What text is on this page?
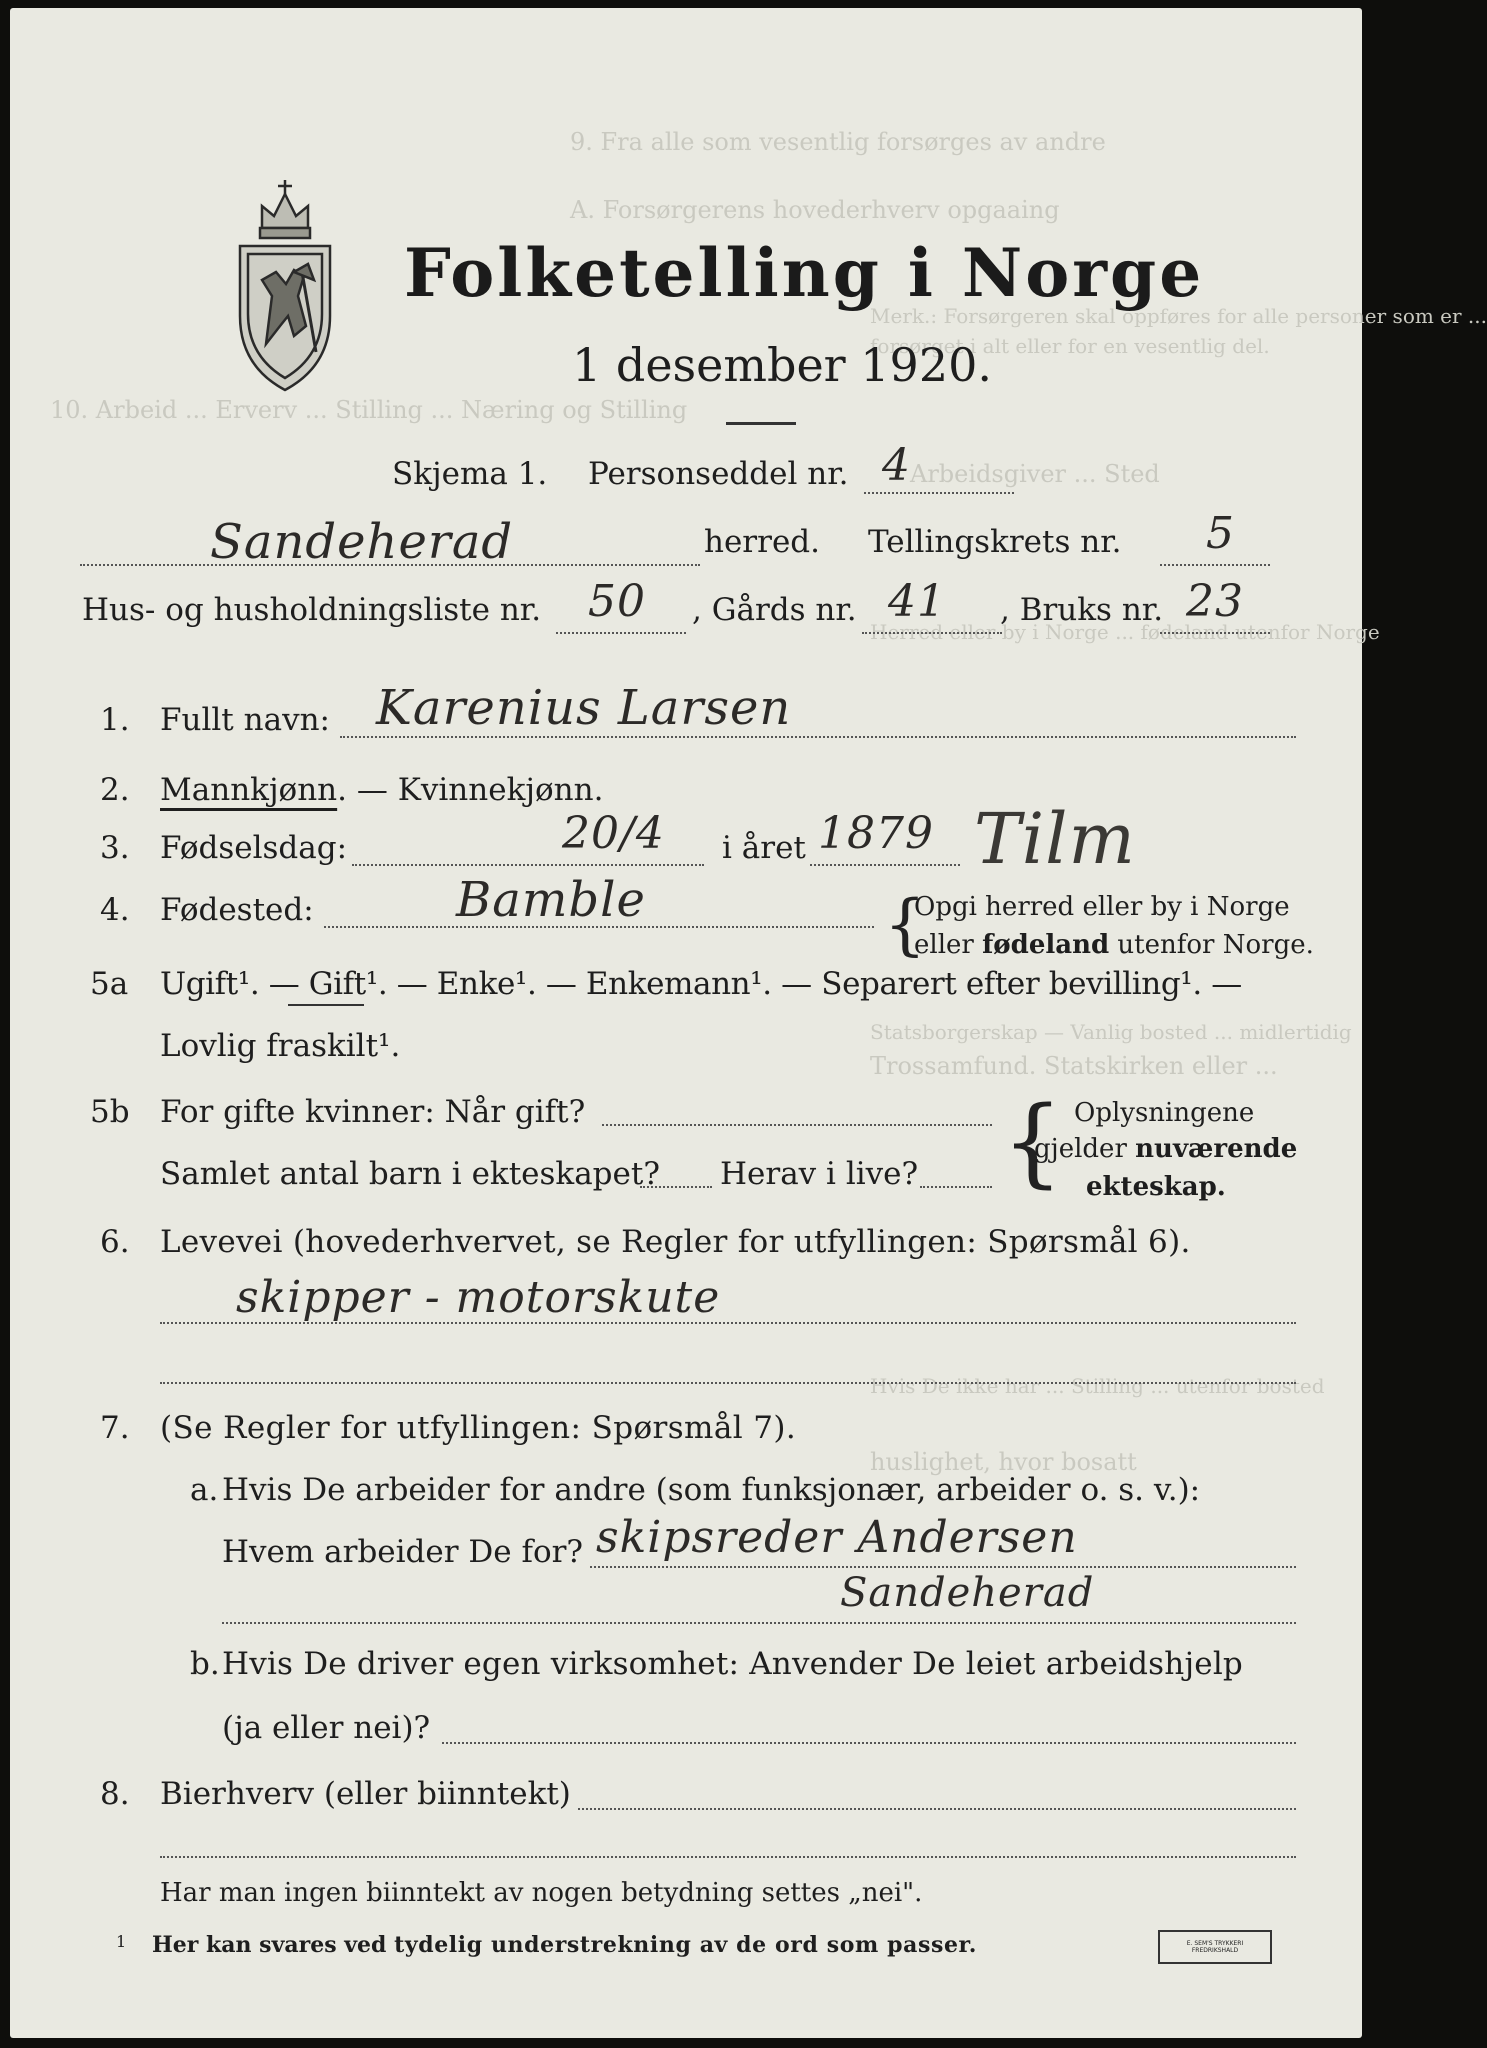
9. Fra alle som vesentlig forsørges av andre
A. Forsørgerens hovederhverv opgaaing
Merk.: Forsørgeren skal oppføres for alle personer som er ...
forsørget i alt eller for en vesentlig del.
10. Arbeid ... Erverv ... Stilling ... Næring og Stilling
Arbeidsgiver ... Sted
Herred eller by i Norge ... fødeland utenfor Norge
Statsborgerskap — Vanlig bosted ... midlertidig
Trossamfund. Statskirken eller ...
Hvis De ikke har ... Stilling ... utenfor bosted
huslighet, hvor bosatt
Folketelling i Norge
1 desember 1920.
Skjema 1. Personseddel nr. 4
Sandeherad	herred. Tellingskrets nr. 5
Hus- og husholdningsliste nr. 50 , Gårds nr. 41 , Bruks nr. 23
1. Fullt navn: Karenius Larsen
2. Mannkjønn. — Kvinnekjønn.
3. Fødselsdag:	20/4 i året 1879 Tilm
4. Fødested:	Bamble	{
Opgi herred eller by i Norge
eller fødeland utenfor Norge.
5a Ugift¹. — Gift¹. — Enke¹. — Enkemann¹. — Separert efter bevilling¹. —
Lovlig fraskilt¹.
5b For gifte kvinner: Når gift?
Samlet antal barn i ekteskapet? Herav i live? { Oplysningene
gjelder nuværende
ekteskap.
6. Levevei (hovederhvervet, se Regler for utfyllingen: Spørsmål 6).
skipper - motorskute
7. (Se Regler for utfyllingen: Spørsmål 7).
a. Hvis De arbeider for andre (som funksjonær, arbeider o. s. v.):
Hvem arbeider De for? skipsreder Andersen
Sandeherad
b. Hvis De driver egen virksomhet: Anvender De leiet arbeidshjelp
(ja eller nei)?
8. Bierhverv (eller biinntekt)
Har man ingen biinntekt av nogen betydning settes „nei".
1 Her kan svares ved tydelig understrekning av de ord som passer.	E. SEM'S TRYKKERI FREDRIKSHALD
